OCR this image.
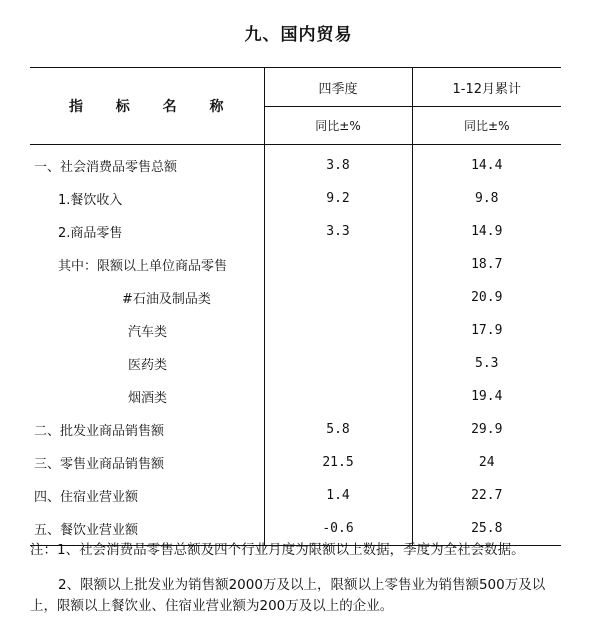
九、国内贸易
指 标 名 称	四季度	1-12月累计
	同比±%	同比±%
一、社会消费品零售总额	3.8	14.4
1.餐饮收入	9.2	9.8
2.商品零售	3.3	14.9
其中：限额以上单位商品零售		18.7
#石油及制品类		20.9
汽车类		17.9
医药类		5.3
烟酒类		19.4
二、批发业商品销售额	5.8	29.9
三、零售业商品销售额	21.5	24
四、住宿业营业额	1.4	22.7
五、餐饮业营业额	-0.6	25.8

注：1、社会消费品零售总额及四个行业月度为限额以上数据，季度为全社会数据。

2、限额以上批发业为销售额2000万及以上，限额以上零售业为销售额500万及以上，限额以上餐饮业、住宿业营业额为200万及以上的企业。
